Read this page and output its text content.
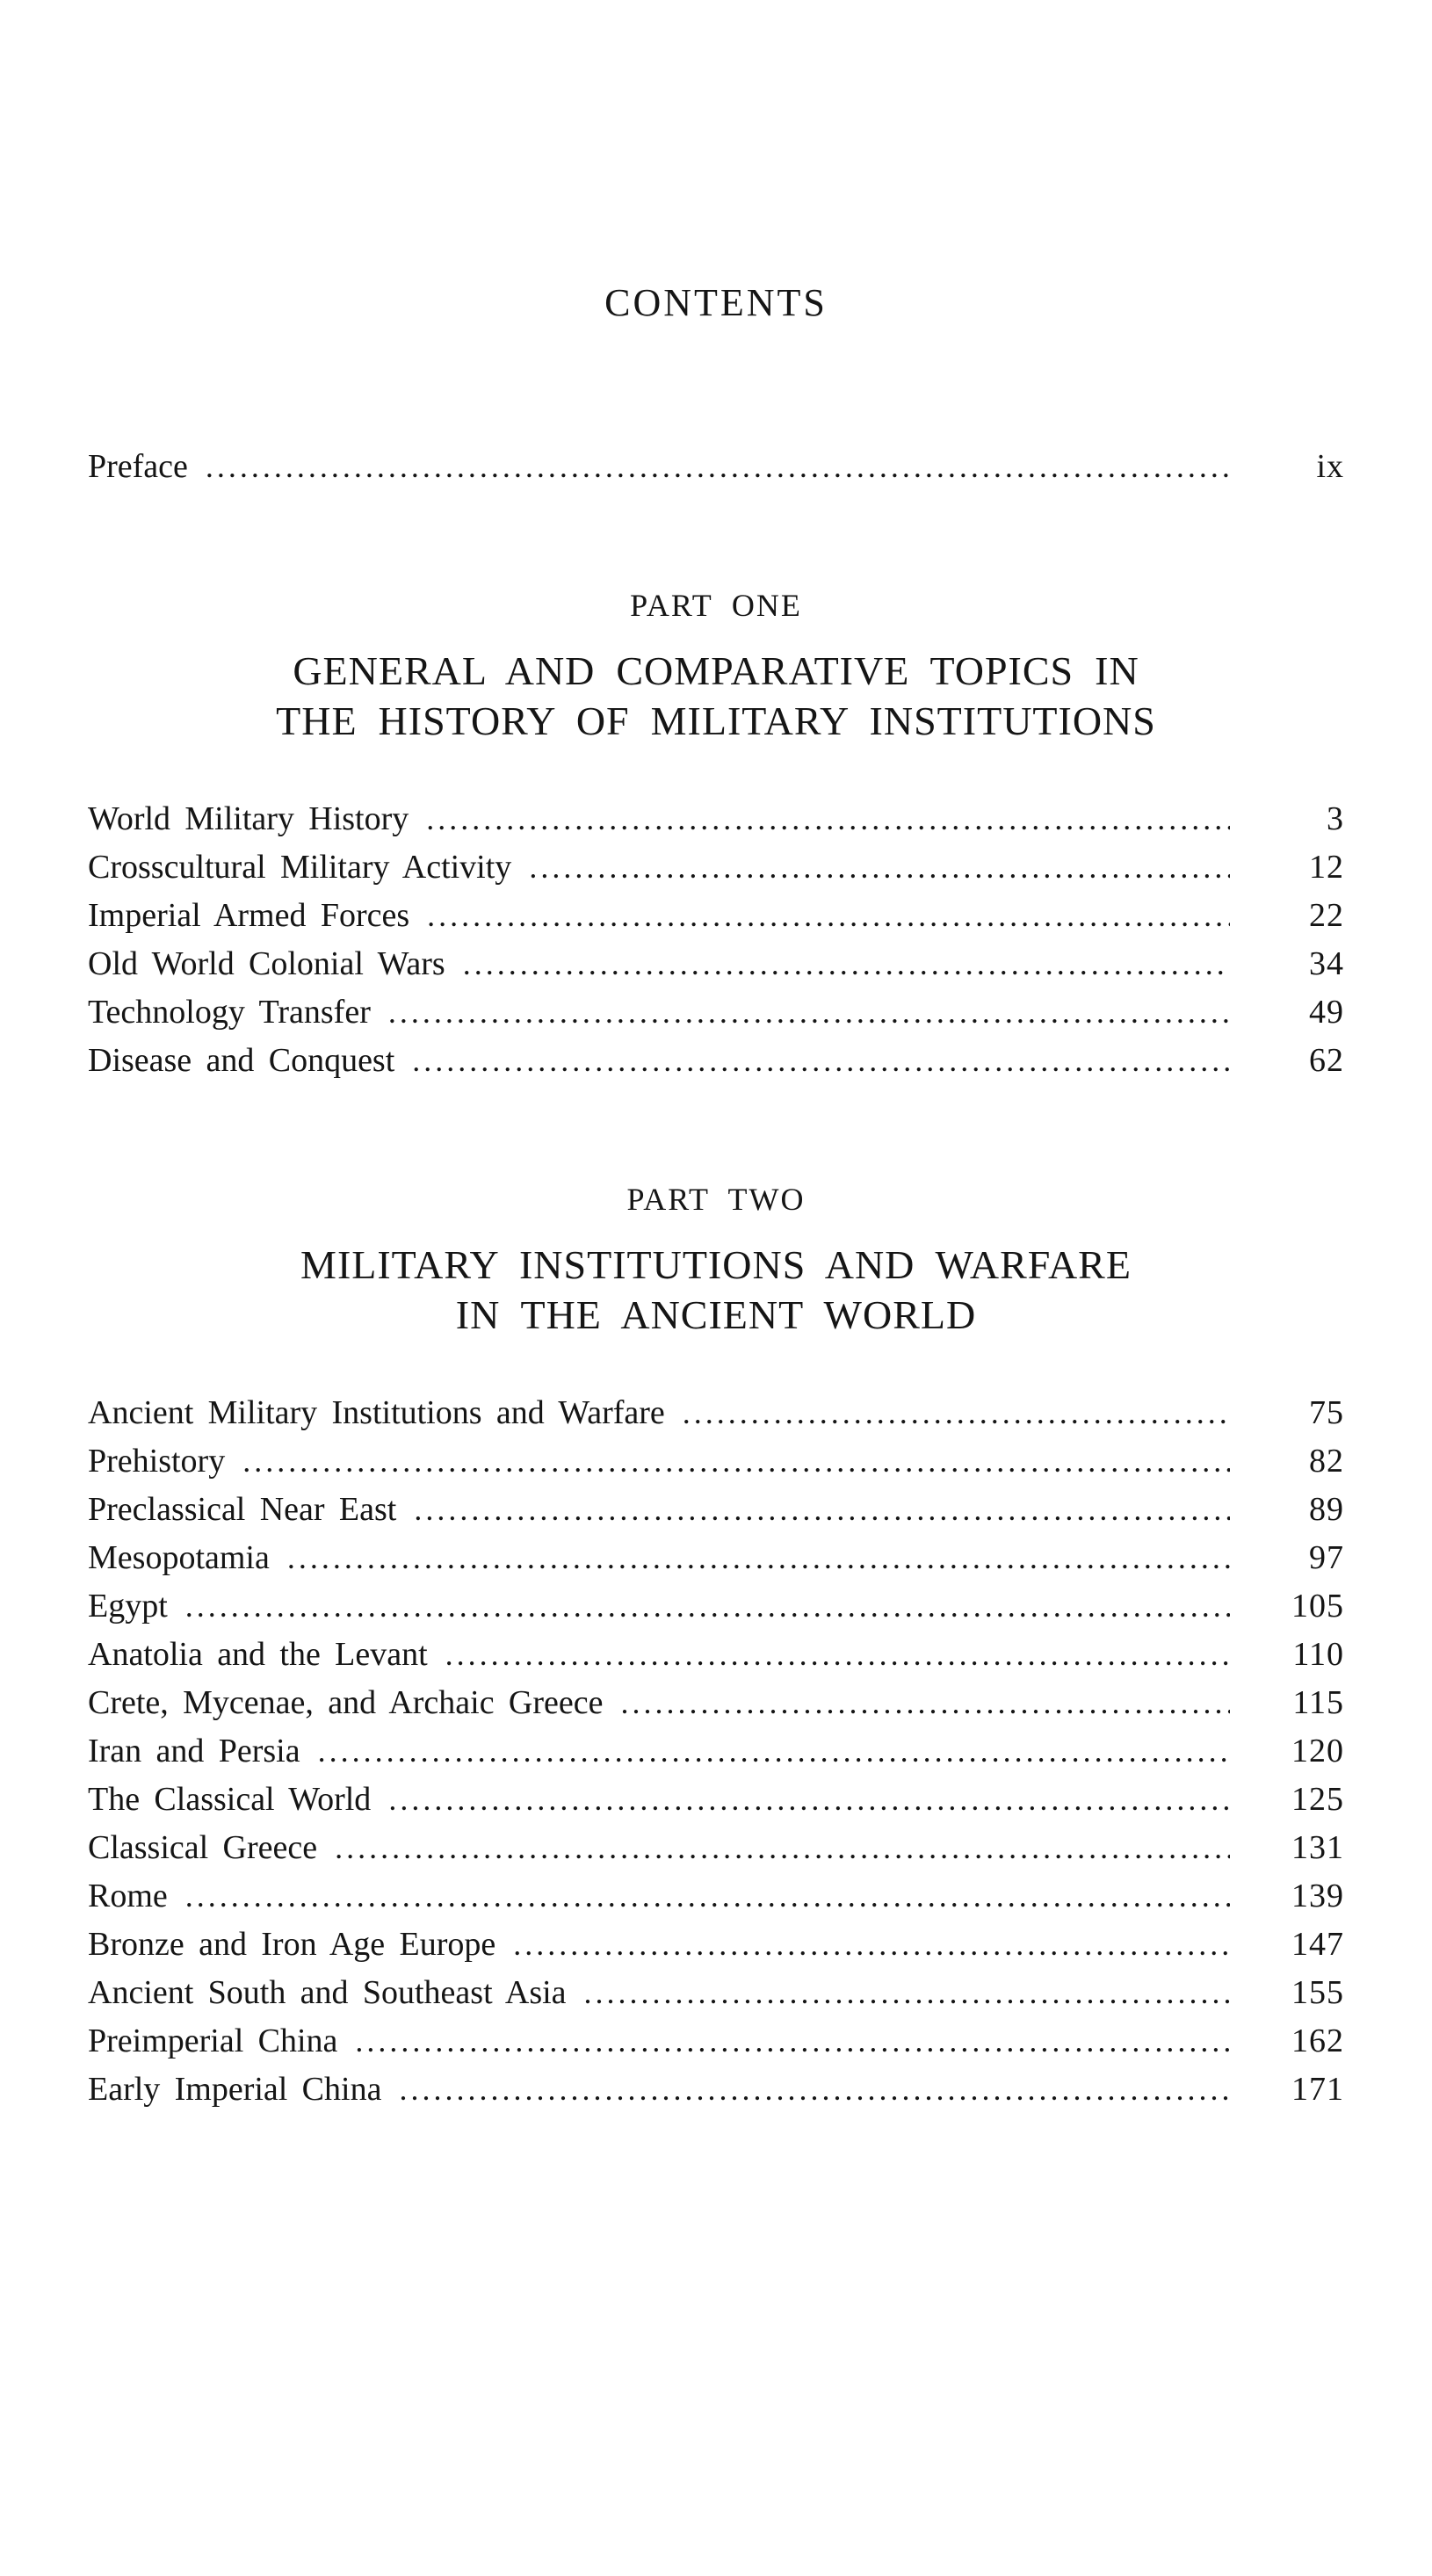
CONTENTS
Preface .....	ix
PART ONE
GENERAL AND COMPARATIVE TOPICS IN
THE HISTORY OF MILITARY INSTITUTIONS
World Military History .....	3
Crosscultural Military Activity .....	12
Imperial Armed Forces .....	22
Old World Colonial Wars .....	34
Technology Transfer .....	49
Disease and Conquest .....	62
PART TWO
MILITARY INSTITUTIONS AND WARFARE
IN THE ANCIENT WORLD
Ancient Military Institutions and Warfare .....	75
Prehistory .....	82
Preclassical Near East .....	89
Mesopotamia .....	97
Egypt .....	105
Anatolia and the Levant .....	110
Crete, Mycenae, and Archaic Greece .....	115
Iran and Persia .....	120
The Classical World .....	125
Classical Greece .....	131
Rome .....	139
Bronze and Iron Age Europe .....	147
Ancient South and Southeast Asia .....	155
Preimperial China .....	162
Early Imperial China .....	171
